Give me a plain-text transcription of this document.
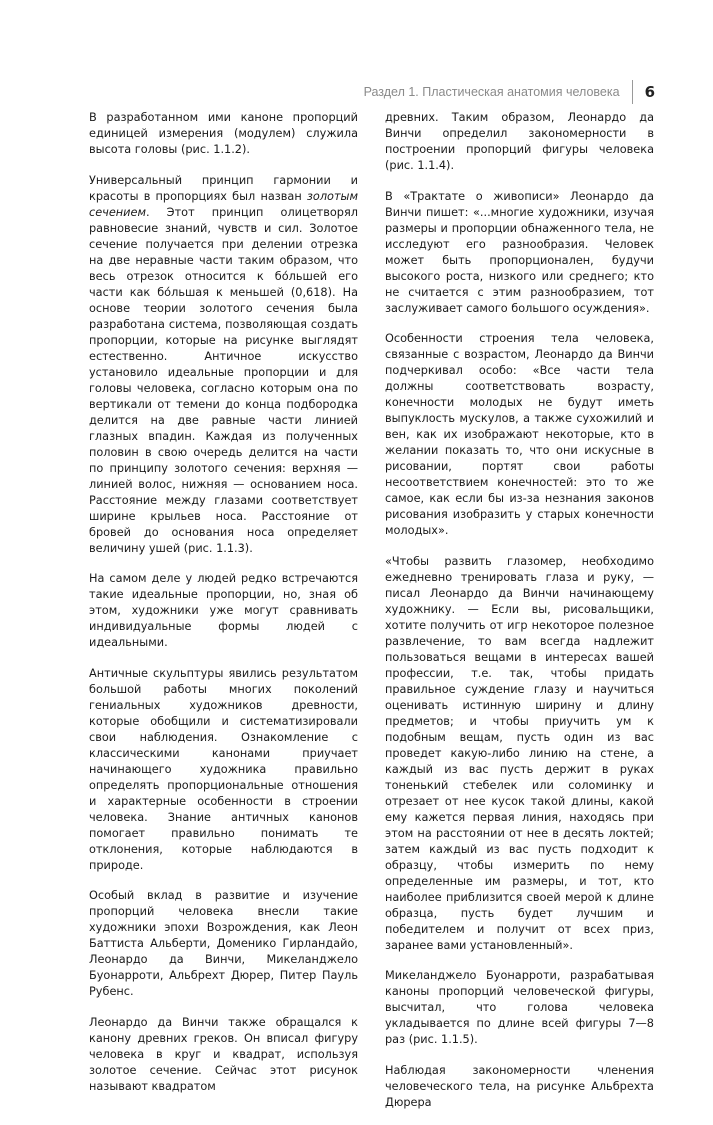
Раздел 1. Пластическая анатомия человека	6

В разработанном ими каноне пропорций единицей измерения (модулем) служила высота головы (рис. 1.1.2).

Универсальный принцип гармонии и красоты в пропорциях был назван золотым сечением. Этот принцип олицетворял равновесие знаний, чувств и сил. Золотое сечение получается при делении отрезка на две неравные части таким образом, что весь отрезок относится к бо́льшей его части как бо́льшая к меньшей (0,618). На основе теории золотого сечения была разработана система, позволяющая создать пропорции, которые на рисунке выглядят естественно. Античное искусство установило идеальные пропорции и для головы человека, согласно которым она по вертикали от темени до конца подбородка делится на две равные части линией глазных впадин. Каждая из полученных половин в свою очередь делится на части по принципу золотого сечения: верхняя — линией волос, нижняя — основанием носа. Расстояние между глазами соответствует ширине крыльев носа. Расстояние от бровей до основания носа определяет величину ушей (рис. 1.1.3).

На самом деле у людей редко встречаются такие идеальные пропорции, но, зная об этом, художники уже могут сравнивать индивидуальные формы людей с идеальными.

Античные скульптуры явились результатом большой работы многих поколений гениальных художников древности, которые обобщили и систематизировали свои наблюдения. Ознакомление с классическими канонами приучает начинающего художника правильно определять пропорциональные отношения и характерные особенности в строении человека. Знание античных канонов помогает правильно понимать те отклонения, которые наблюдаются в природе.

Особый вклад в развитие и изучение пропорций человека внесли такие художники эпохи Возрождения, как Леон Баттиста Альберти, Доменико Гирландайо, Леонардо да Винчи, Микеланджело Буонарроти, Альбрехт Дюрер, Питер Пауль Рубенс.

Леонардо да Винчи также обращался к канону древних греков. Он вписал фигуру человека в круг и квадрат, используя золотое сечение. Сейчас этот рисунок называют квадратом

древних. Таким образом, Леонардо да Винчи определил закономерности в построении пропорций фигуры человека (рис. 1.1.4).

В «Трактате о живописи» Леонардо да Винчи пишет: «...многие художники, изучая размеры и пропорции обнаженного тела, не исследуют его разнообразия. Человек может быть пропорционален, будучи высокого роста, низкого или среднего; кто не считается с этим разнообразием, тот заслуживает самого большого осуждения».

Особенности строения тела человека, связанные с возрастом, Леонардо да Винчи подчеркивал особо: «Все части тела должны соответствовать возрасту, конечности молодых не будут иметь выпуклость мускулов, а также сухожилий и вен, как их изображают некоторые, кто в желании показать то, что они искусные в рисовании, портят свои работы несоответствием конечностей: это то же самое, как если бы из-за незнания законов рисования изобразить у старых конечности молодых».

«Чтобы развить глазомер, необходимо ежедневно тренировать глаза и руку, — писал Леонардо да Винчи начинающему художнику. — Если вы, рисовальщики, хотите получить от игр некоторое полезное развлечение, то вам всегда надлежит пользоваться вещами в интересах вашей профессии, т.е. так, чтобы придать правильное суждение глазу и научиться оценивать истинную ширину и длину предметов; и чтобы приучить ум к подобным вещам, пусть один из вас проведет какую-либо линию на стене, а каждый из вас пусть держит в руках тоненький стебелек или соломинку и отрезает от нее кусок такой длины, какой ему кажется первая линия, находясь при этом на расстоянии от нее в десять локтей; затем каждый из вас пусть подходит к образцу, чтобы измерить по нему определенные им размеры, и тот, кто наиболее приблизится своей мерой к длине образца, пусть будет лучшим и победителем и получит от всех приз, заранее вами установленный».

Микеланджело Буонарроти, разрабатывая каноны пропорций человеческой фигуры, высчитал, что голова человека укладывается по длине всей фигуры 7—8 раз (рис. 1.1.5).

Наблюдая закономерности членения человеческого тела, на рисунке Альбрехта Дюрера
